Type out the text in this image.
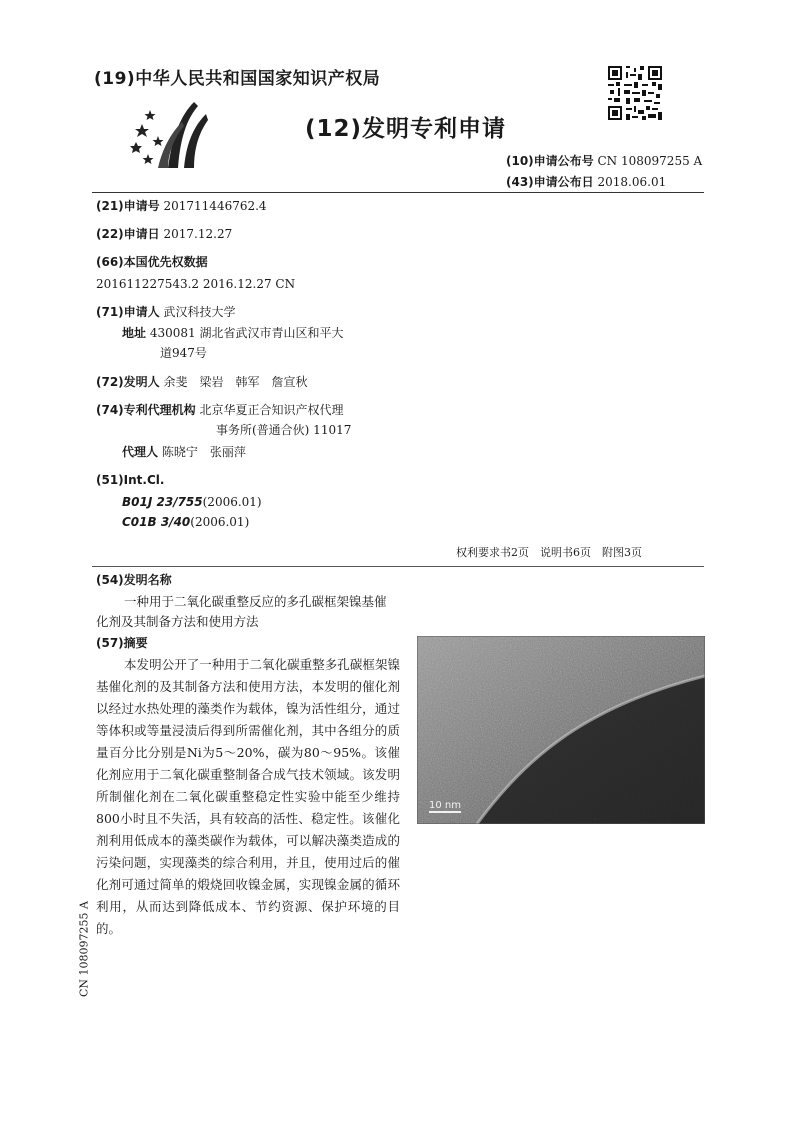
(19)中华人民共和国国家知识产权局
(12)发明专利申请
(10)申请公布号 CN 108097255 A
(43)申请公布日 2018.06.01
(21)申请号 201711446762.4
(22)申请日 2017.12.27
(66)本国优先权数据
201611227543.2 2016.12.27 CN
(71)申请人 武汉科技大学
地址 430081 湖北省武汉市青山区和平大
道947号
(72)发明人 余斐　梁岩　韩军　詹宣秋
(74)专利代理机构 北京华夏正合知识产权代理
事务所(普通合伙) 11017
代理人 陈晓宁　张丽萍
(51)Int.Cl.
B01J 23/755(2006.01)
C01B 3/40(2006.01)
权利要求书2页　说明书6页　附图3页
(54)发明名称
一种用于二氧化碳重整反应的多孔碳框架镍基催化剂及其制备方法和使用方法
(57)摘要
本发明公开了一种用于二氧化碳重整多孔碳框架镍基催化剂的及其制备方法和使用方法，本发明的催化剂以经过水热处理的藻类作为载体，镍为活性组分，通过等体积或等量浸渍后得到所需催化剂，其中各组分的质量百分比分别是Ni为5～20%，碳为80～95%。该催化剂应用于二氧化碳重整制备合成气技术领域。该发明所制催化剂在二氧化碳重整稳定性实验中能至少维持800小时且不失活，具有较高的活性、稳定性。该催化剂利用低成本的藻类碳作为载体，可以解决藻类造成的污染问题，实现藻类的综合利用，并且，使用过后的催化剂可通过简单的煅烧回收镍金属，实现镍金属的循环利用，从而达到降低成本、节约资源、保护环境的目的。
10 nm
CN 108097255 A
